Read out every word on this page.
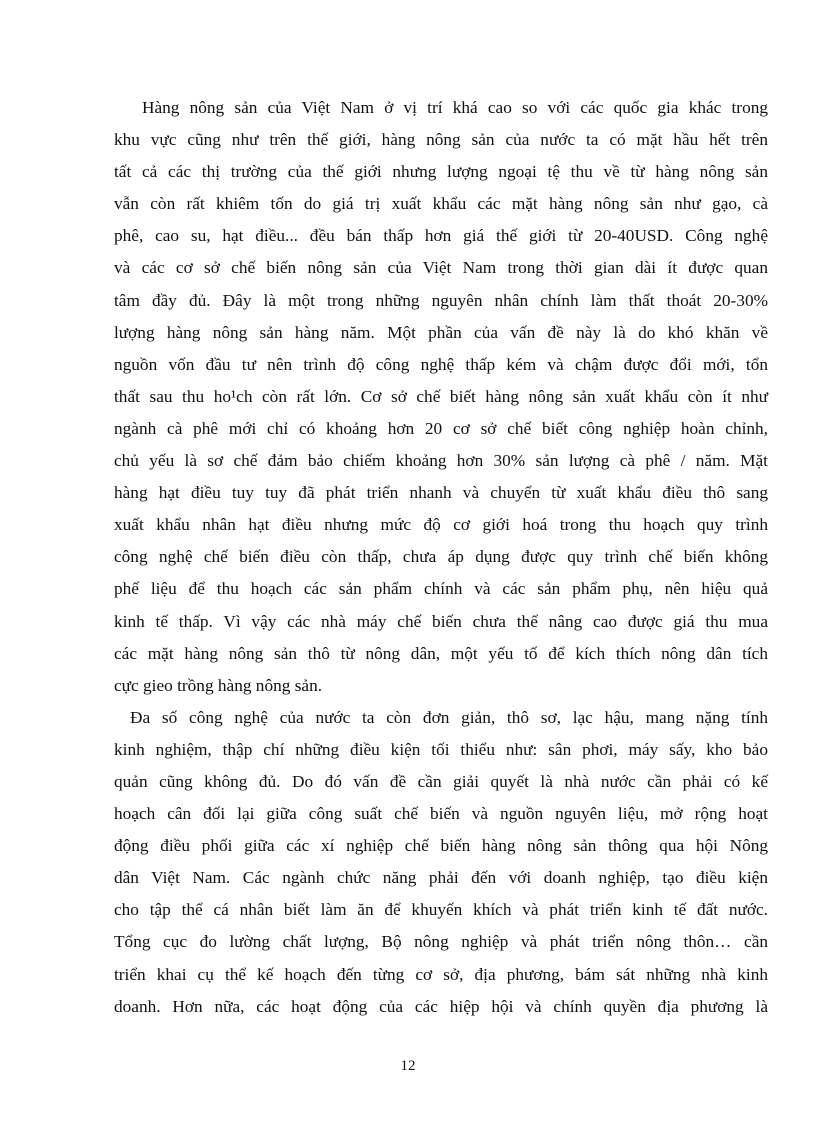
Hàng nông sản của Việt Nam ở vị trí khá cao so với các quốc gia khác trong
khu vực cũng như trên thế giới, hàng nông sản của nước ta có mặt hầu hết trên
tất cả các thị trường của thế giới nhưng lượng ngoại tệ thu về từ hàng nông sản
vẫn còn rất khiêm tốn do giá trị xuất khẩu các mặt hàng nông sản như gạo, cà
phê, cao su, hạt điều... đều bán thấp hơn giá thế giới từ 20-40USD. Công nghệ
và các cơ sở chế biến nông sản của Việt Nam trong thời gian dài ít được quan
tâm đầy đủ. Đây là một trong những nguyên nhân chính làm thất thoát 20-30%
lượng hàng nông sản hàng năm. Một phần của vấn đề này là do khó khăn về
nguồn vốn đầu tư nên trình độ công nghệ thấp kém và chậm được đổi mới, tổn
thất sau thu ho¹ch còn rất lớn. Cơ sở chế biết hàng nông sản xuất khẩu còn ít như
ngành cà phê mới chỉ có khoảng hơn 20 cơ sở chế biết công nghiệp hoàn chỉnh,
chủ yếu là sơ chế đảm bảo chiếm khoảng hơn 30% sản lượng cà phê / năm. Mặt
hàng hạt điều tuy tuy đã phát triển nhanh và chuyển từ xuất khẩu điều thô sang
xuất khẩu nhân hạt điều nhưng mức độ cơ giới hoá trong thu hoạch quy trình
công nghệ chế biến điều còn thấp, chưa áp dụng được quy trình chế biến không
phế liệu để thu hoạch các sản phẩm chính và các sản phẩm phụ, nên hiệu quả
kinh tế thấp. Vì vậy các nhà máy chế biến chưa thể nâng cao được giá thu mua
các mặt hàng nông sản thô từ nông dân, một yếu tố để kích thích nông dân tích
cực gieo trồng hàng nông sản.
Đa số công nghệ của nước ta còn đơn giản, thô sơ, lạc hậu, mang nặng tính
kinh nghiệm, thập chí những điều kiện tối thiểu như: sân phơi, máy sấy, kho bảo
quản cũng không đủ. Do đó vấn đề cần giải quyết là nhà nước cần phải có kế
hoạch cân đối lại giữa công suất chế biến và nguồn nguyên liệu, mở rộng hoạt
động điều phối giữa các xí nghiệp chế biến hàng nông sản thông qua hội Nông
dân Việt Nam. Các ngành chức năng phải đến với doanh nghiệp, tạo điều kiện
cho tập thể cá nhân biết làm ăn để khuyến khích và phát triển kinh tế đất nước.
Tổng cục đo lường chất lượng, Bộ nông nghiệp và phát triển nông thôn… cần
triển khai cụ thể kế hoạch đến từng cơ sở, địa phương, bám sát những nhà kinh
doanh. Hơn nữa, các hoạt động của các hiệp hội và chính quyền địa phương là
12
